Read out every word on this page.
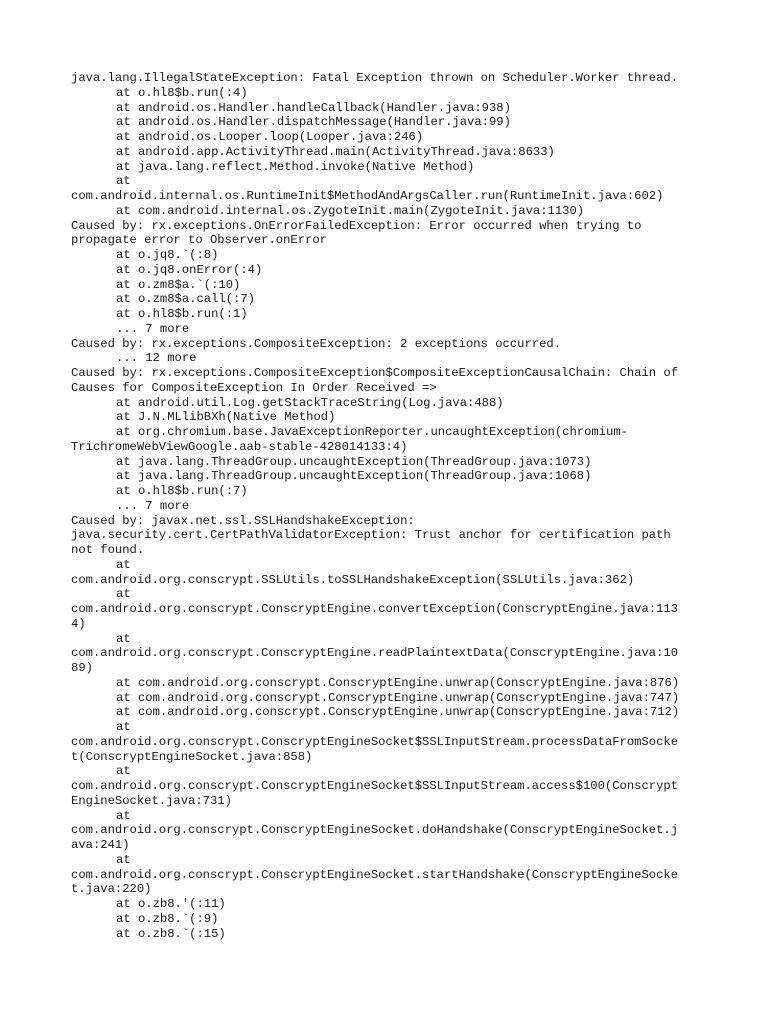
java.lang.IllegalStateException: Fatal Exception thrown on Scheduler.Worker thread.
at o.hl8$b.run(:4)
at android.os.Handler.handleCallback(Handler.java:938)
at android.os.Handler.dispatchMessage(Handler.java:99)
at android.os.Looper.loop(Looper.java:246)
at android.app.ActivityThread.main(ActivityThread.java:8633)
at java.lang.reflect.Method.invoke(Native Method)
at
com.android.internal.os.RuntimeInit$MethodAndArgsCaller.run(RuntimeInit.java:602)
at com.android.internal.os.ZygoteInit.main(ZygoteInit.java:1130)
Caused by: rx.exceptions.OnErrorFailedException: Error occurred when trying to
propagate error to Observer.onError
at o.jq8.`(:8)
at o.jq8.onError(:4)
at o.zm8$a.`(:10)
at o.zm8$a.call(:7)
at o.hl8$b.run(:1)
... 7 more
Caused by: rx.exceptions.CompositeException: 2 exceptions occurred.
... 12 more
Caused by: rx.exceptions.CompositeException$CompositeExceptionCausalChain: Chain of
Causes for CompositeException In Order Received =>
at android.util.Log.getStackTraceString(Log.java:488)
at J.N.MLlibBXh(Native Method)
at org.chromium.base.JavaExceptionReporter.uncaughtException(chromium-
TrichromeWebViewGoogle.aab-stable-428014133:4)
at java.lang.ThreadGroup.uncaughtException(ThreadGroup.java:1073)
at java.lang.ThreadGroup.uncaughtException(ThreadGroup.java:1068)
at o.hl8$b.run(:7)
... 7 more
Caused by: javax.net.ssl.SSLHandshakeException:
java.security.cert.CertPathValidatorException: Trust anchor for certification path
not found.
at
com.android.org.conscrypt.SSLUtils.toSSLHandshakeException(SSLUtils.java:362)
at
com.android.org.conscrypt.ConscryptEngine.convertException(ConscryptEngine.java:113
4)
at
com.android.org.conscrypt.ConscryptEngine.readPlaintextData(ConscryptEngine.java:10
89)
at com.android.org.conscrypt.ConscryptEngine.unwrap(ConscryptEngine.java:876)
at com.android.org.conscrypt.ConscryptEngine.unwrap(ConscryptEngine.java:747)
at com.android.org.conscrypt.ConscryptEngine.unwrap(ConscryptEngine.java:712)
at
com.android.org.conscrypt.ConscryptEngineSocket$SSLInputStream.processDataFromSocke
t(ConscryptEngineSocket.java:858)
at
com.android.org.conscrypt.ConscryptEngineSocket$SSLInputStream.access$100(Conscrypt
EngineSocket.java:731)
at
com.android.org.conscrypt.ConscryptEngineSocket.doHandshake(ConscryptEngineSocket.j
ava:241)
at
com.android.org.conscrypt.ConscryptEngineSocket.startHandshake(ConscryptEngineSocke
t.java:220)
at o.zb8.'(:11)
at o.zb8.`(:9)
at o.zb8.`(:15)
